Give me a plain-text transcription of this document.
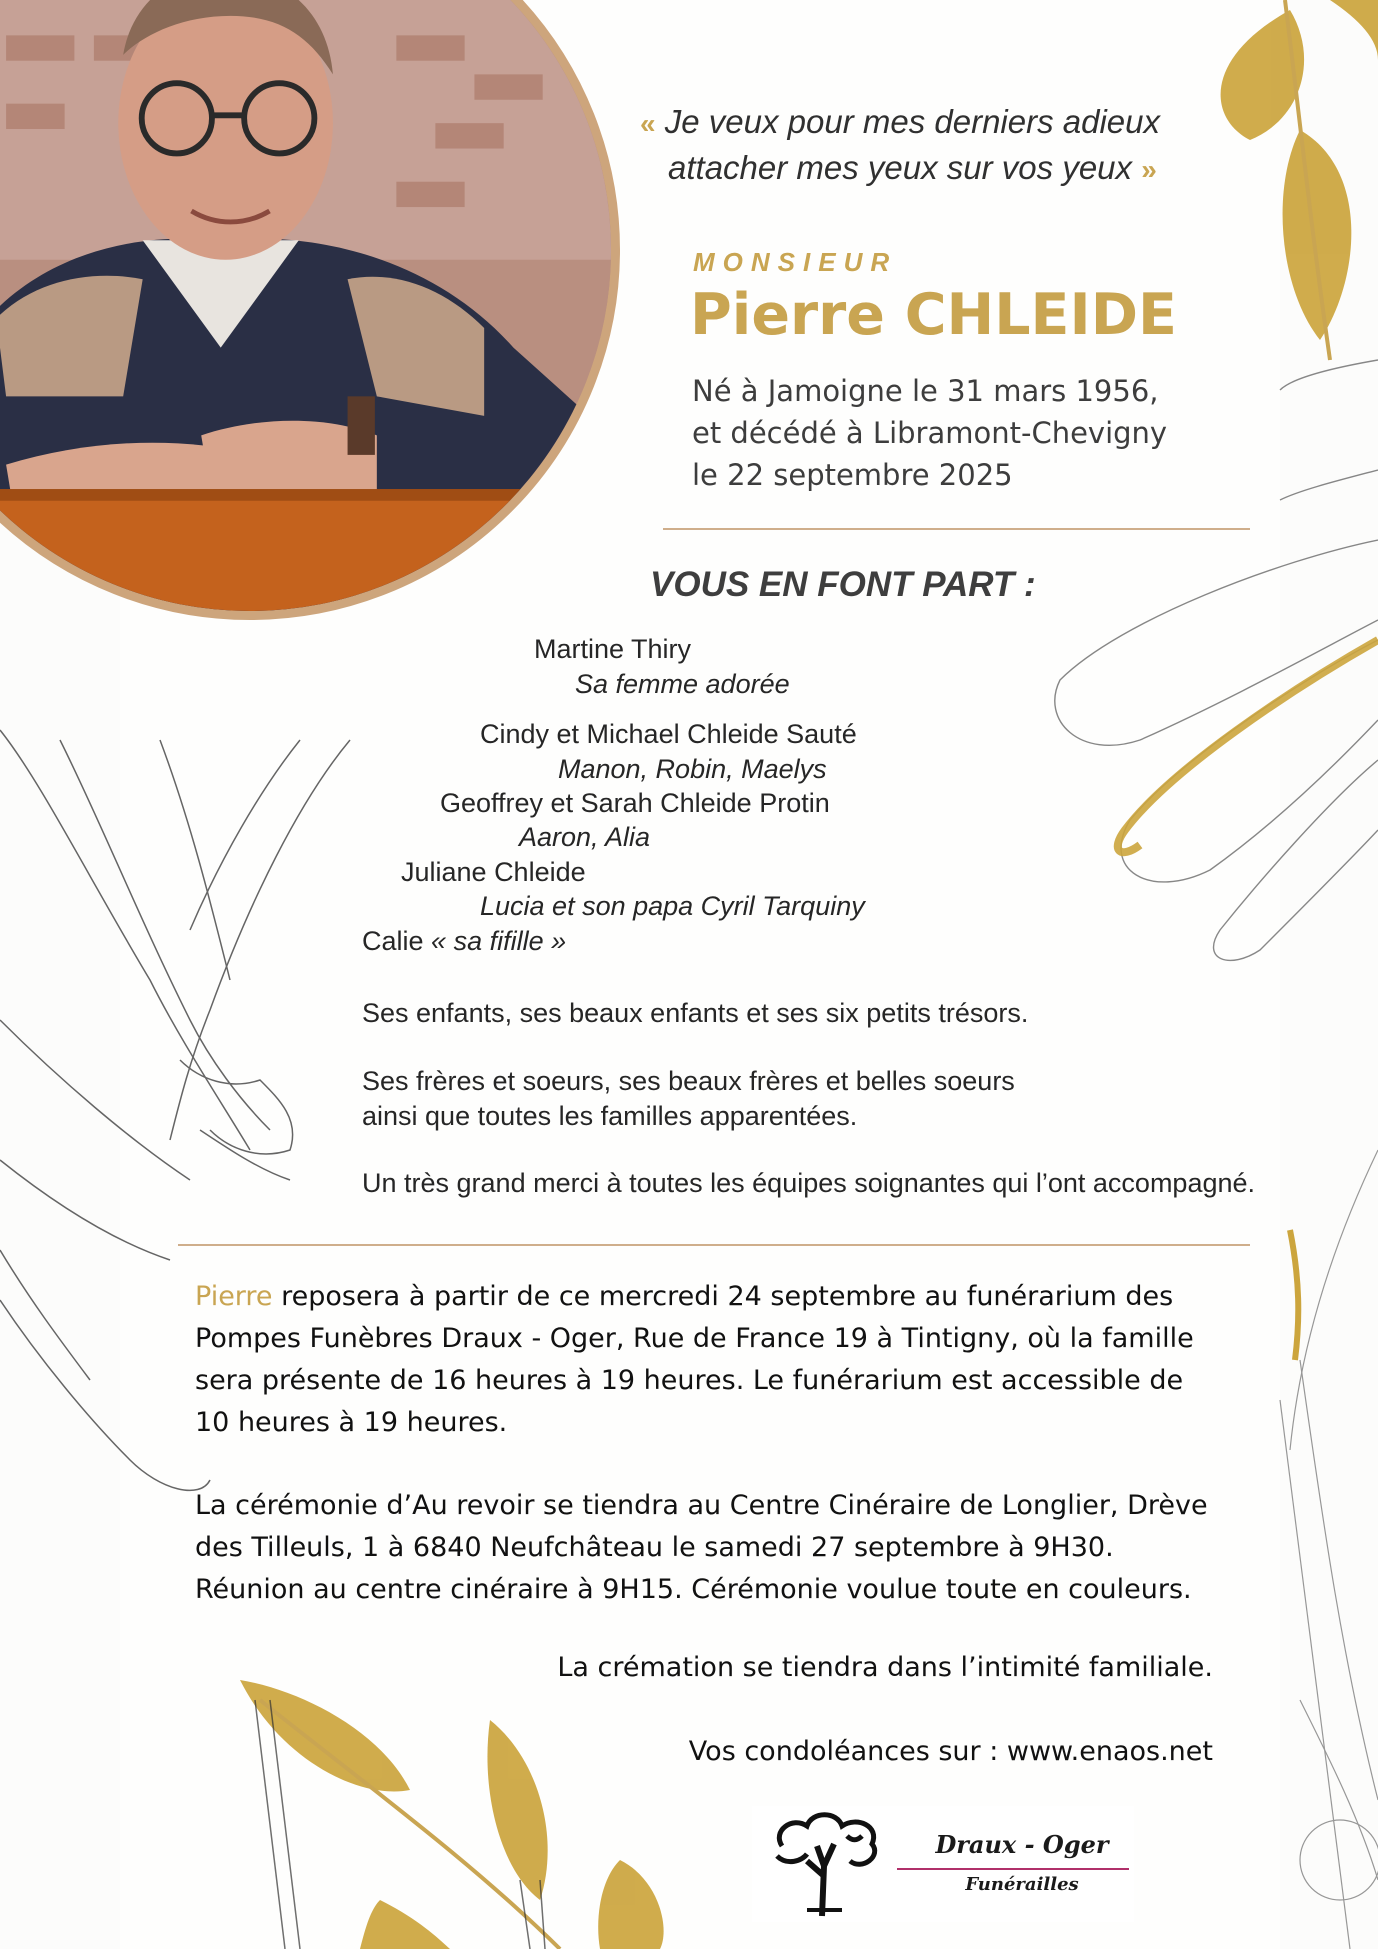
« Je veux pour mes derniers adieux
attacher mes yeux sur vos yeux »
MONSIEUR
Pierre CHLEIDE
Né à Jamoigne le 31 mars 1956,
et décédé à Libramont-Chevigny
le 22 septembre 2025
VOUS EN FONT PART :
Martine Thiry
Sa femme adorée
Cindy et Michael Chleide Sauté
Manon, Robin, Maelys
Geoffrey et Sarah Chleide Protin
Aaron, Alia
Juliane Chleide
Lucia et son papa Cyril Tarquiny
Calie « sa fifille »
Ses enfants, ses beaux enfants et ses six petits trésors.
Ses frères et soeurs, ses beaux frères et belles soeurs
ainsi que toutes les familles apparentées.
Un très grand merci à toutes les équipes soignantes qui l’ont accompagné.
Pierre reposera à partir de ce mercredi 24 septembre au funérarium des
Pompes Funèbres Draux - Oger, Rue de France 19 à Tintigny, où la famille
sera présente de 16 heures à 19 heures. Le funérarium est accessible de
10 heures à 19 heures.
La cérémonie d’Au revoir se tiendra au Centre Cinéraire de Longlier, Drève
des Tilleuls, 1 à 6840 Neufchâteau le samedi 27 septembre à 9H30.
Réunion au centre cinéraire à 9H15. Cérémonie voulue toute en couleurs.
La crémation se tiendra dans l’intimité familiale.
Vos condoléances sur : www.enaos.net
Draux - Oger
Funérailles
